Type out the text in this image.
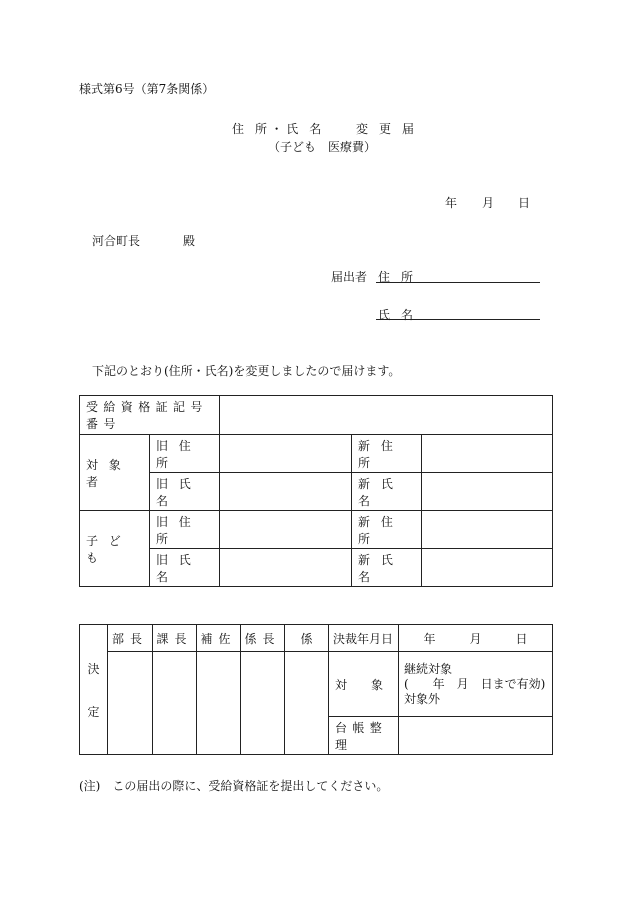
様式第6号（第7条関係）
住 所・氏 名　　変 更 届
（子ども　医療費）
年 月 日
河合町長	殿
届出者 住 所
氏 名
下記のとおり(住所・氏名)を変更しましたので届けます。
受給資格証記号番号				
対象者	旧住所		新住所	
	旧氏名		新氏名	
子ども	旧住所		新住所	
	旧氏名		新氏名	
決
定	部長	課長	補佐	係長	係	決裁年月日	年 月 日
						対　　象	継続対象
(　　年　月　日まで有効)
対象外

						台帳整理	
(注)　この届出の際に、受給資格証を提出してください。
